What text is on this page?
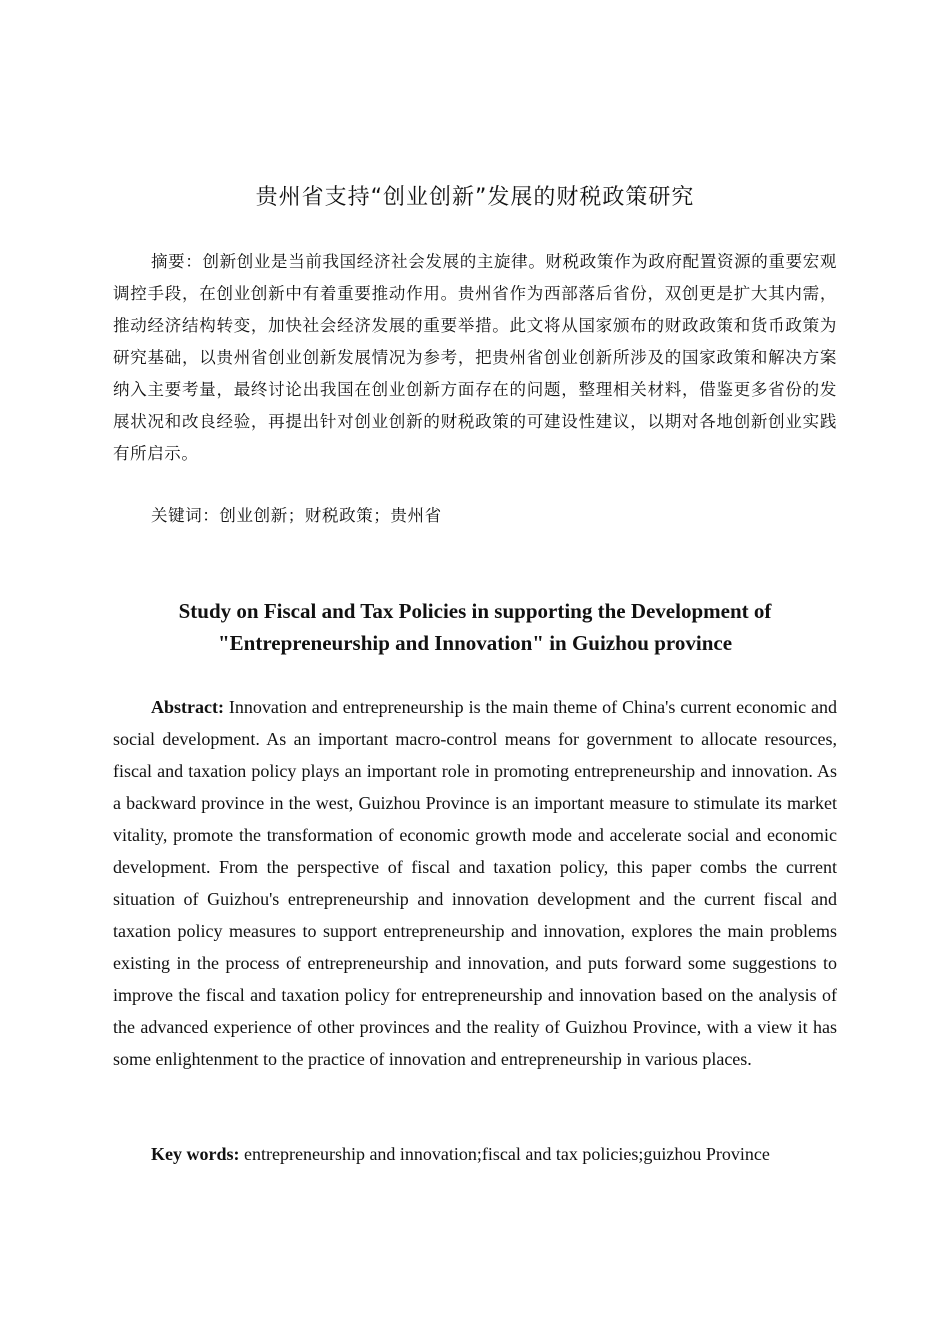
贵州省支持“创业创新”发展的财税政策研究
摘要：创新创业是当前我国经济社会发展的主旋律。财税政策作为政府配置资源的重要宏观调控手段，在创业创新中有着重要推动作用。贵州省作为西部落后省份，双创更是扩大其内需，推动经济结构转变，加快社会经济发展的重要举措。此文将从国家颁布的财政政策和货币政策为研究基础，以贵州省创业创新发展情况为参考，把贵州省创业创新所涉及的国家政策和解决方案纳入主要考量，最终讨论出我国在创业创新方面存在的问题，整理相关材料，借鉴更多省份的发展状况和改良经验，再提出针对创业创新的财税政策的可建设性建议，以期对各地创新创业实践有所启示。
关键词：创业创新；财税政策；贵州省
Study on Fiscal and Tax Policies in supporting the Development of
"Entrepreneurship and Innovation" in Guizhou province
Abstract: Innovation and entrepreneurship is the main theme of China's current economic and social development. As an important macro-control means for government to allocate resources, fiscal and taxation policy plays an important role in promoting entrepreneurship and innovation. As a backward province in the west, Guizhou Province is an important measure to stimulate its market vitality, promote the transformation of economic growth mode and accelerate social and economic development. From the perspective of fiscal and taxation policy, this paper combs the current situation of Guizhou's entrepreneurship and innovation development and the current fiscal and taxation policy measures to support entrepreneurship and innovation, explores the main problems existing in the process of entrepreneurship and innovation, and puts forward some suggestions to improve the fiscal and taxation policy for entrepreneurship and innovation based on the analysis of the advanced experience of other provinces and the reality of Guizhou Province, with a view it has some enlightenment to the practice of innovation and entrepreneurship in various places.
Key words: entrepreneurship and innovation;fiscal and tax policies;guizhou Province
